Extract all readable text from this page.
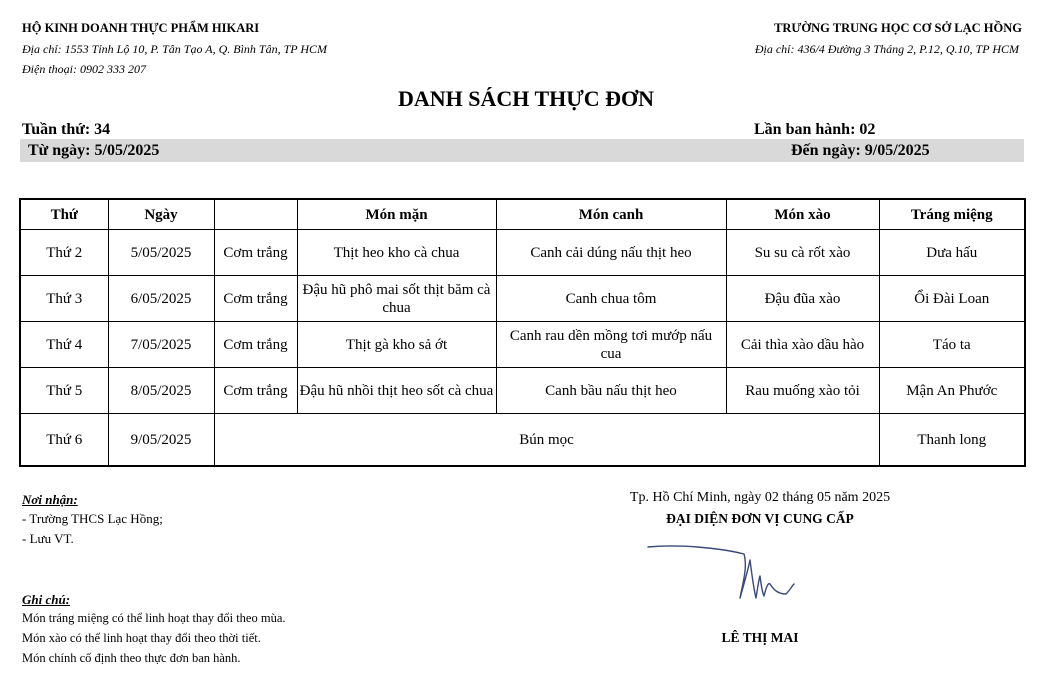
HỘ KINH DOANH THỰC PHẨM HIKARI
Địa chỉ: 1553 Tỉnh Lộ 10, P. Tân Tạo A, Q. Bình Tân, TP HCM
Điện thoại: 0902 333 207
TRƯỜNG TRUNG HỌC CƠ SỞ LẠC HỒNG
Địa chỉ: 436/4 Đường 3 Tháng 2, P.12, Q.10, TP HCM
DANH SÁCH THỰC ĐƠN
Tuần thứ: 34	Lần ban hành: 02
Từ ngày: 5/05/2025	Đến ngày: 9/05/2025
Thứ	Ngày		Món mặn	Món canh	Món xào	Tráng miệng
Thứ 2	5/05/2025	Cơm trắng	Thịt heo kho cà chua	Canh cải dúng nấu thịt heo	Su su cà rốt xào	Dưa hấu
Thứ 3	6/05/2025	Cơm trắng	Đậu hũ phô mai sốt thịt băm cà chua	Canh chua tôm	Đậu đũa xào	Ổi Đài Loan
Thứ 4	7/05/2025	Cơm trắng	Thịt gà kho sả ớt	Canh rau dền mồng tơi mướp nấu cua	Cải thìa xào dầu hào	Táo ta
Thứ 5	8/05/2025	Cơm trắng	Đậu hũ nhồi thịt heo sốt cà chua	Canh bầu nấu thịt heo	Rau muống xào tỏi	Mận An Phước
Thứ 6	9/05/2025	Bún mọc				Thanh long
Nơi nhận:
- Trường THCS Lạc Hồng;
- Lưu VT.
Tp. Hồ Chí Minh, ngày 02 tháng 05 năm 2025
ĐẠI DIỆN ĐƠN VỊ CUNG CẤP
LÊ THỊ MAI
Ghi chú:
Món tráng miệng có thể linh hoạt thay đổi theo mùa.
Món xào có thể linh hoạt thay đổi theo thời tiết.
Món chính cố định theo thực đơn ban hành.
